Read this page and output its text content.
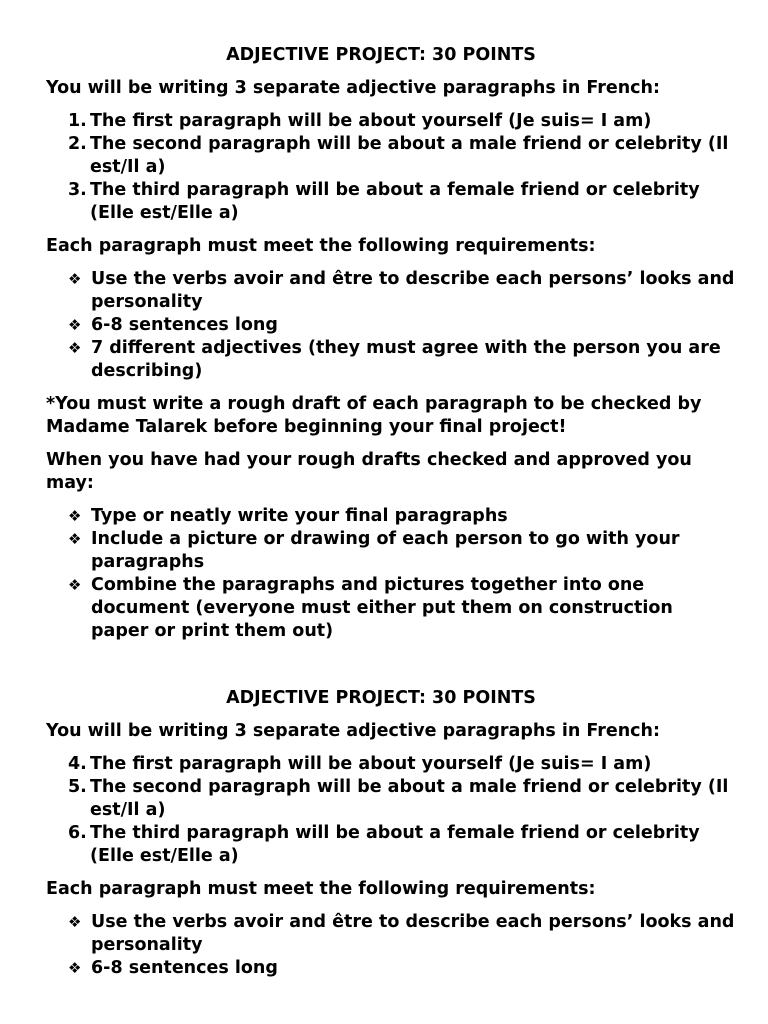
ADJECTIVE PROJECT: 30 POINTS

You will be writing 3 separate adjective paragraphs in French:

1. The first paragraph will be about yourself (Je suis= I am)
2. The second paragraph will be about a male friend or celebrity (Il est/Il a)
3. The third paragraph will be about a female friend or celebrity (Elle est/Elle a)

Each paragraph must meet the following requirements:

❖ Use the verbs avoir and être to describe each persons’ looks and personality
❖ 6-8 sentences long
❖ 7 different adjectives (they must agree with the person you are describing)

*You must write a rough draft of each paragraph to be checked by Madame Talarek before beginning your final project!

When you have had your rough drafts checked and approved you may:

❖ Type or neatly write your final paragraphs
❖ Include a picture or drawing of each person to go with your paragraphs
❖ Combine the paragraphs and pictures together into one document (everyone must either put them on construction paper or print them out)

ADJECTIVE PROJECT: 30 POINTS

You will be writing 3 separate adjective paragraphs in French:

4. The first paragraph will be about yourself (Je suis= I am)
5. The second paragraph will be about a male friend or celebrity (Il est/Il a)
6. The third paragraph will be about a female friend or celebrity (Elle est/Elle a)

Each paragraph must meet the following requirements:

❖ Use the verbs avoir and être to describe each persons’ looks and personality
❖ 6-8 sentences long
